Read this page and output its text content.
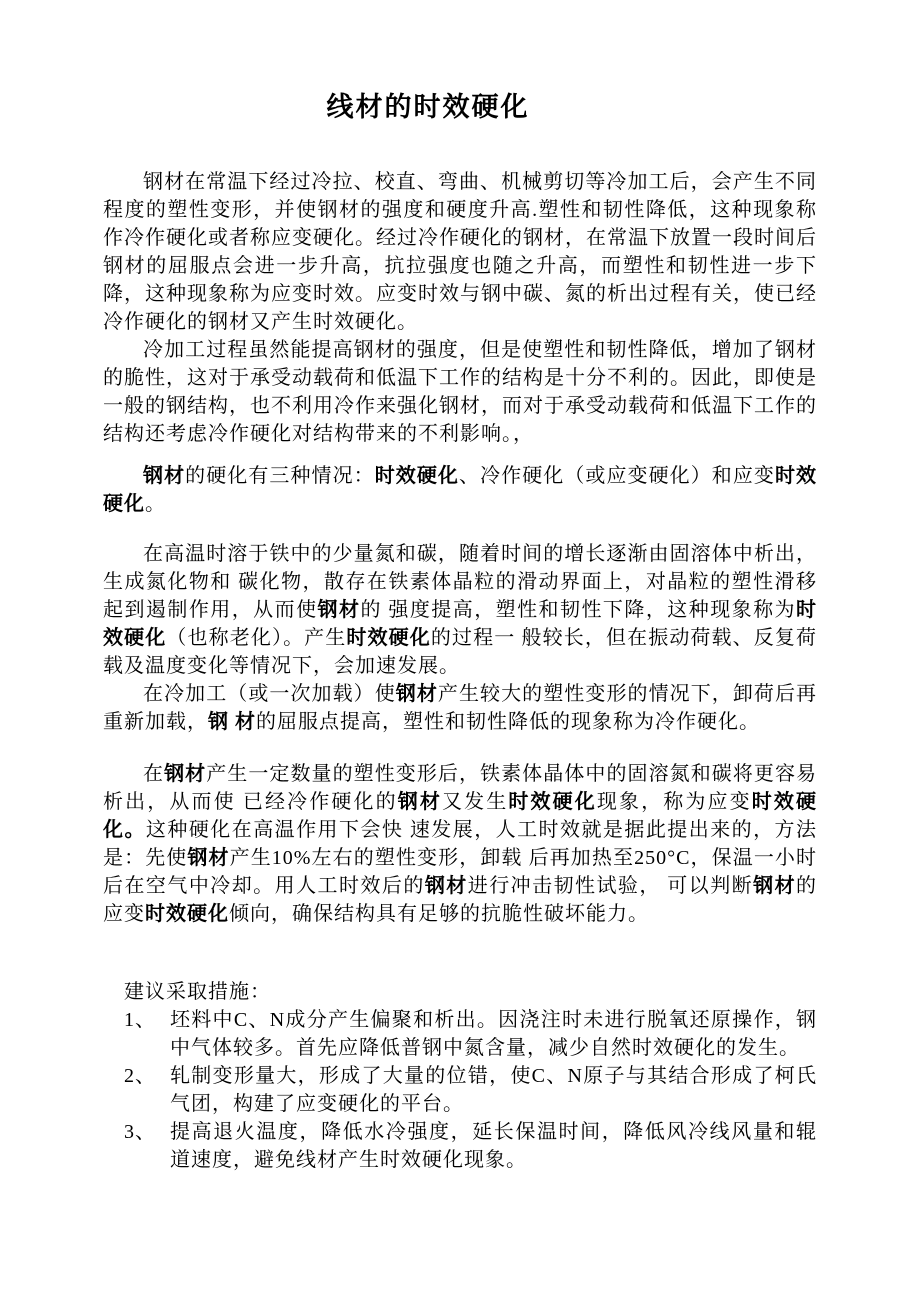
线材的时效硬化

钢材在常温下经过冷拉、校直、弯曲、机械剪切等冷加工后，会产生不同程度的塑性变形，并使钢材的强度和硬度升高.塑性和韧性降低，这种现象称作冷作硬化或者称应变硬化。经过冷作硬化的钢材，在常温下放置一段时间后钢材的屈服点会进一步升高，抗拉强度也随之升高，而塑性和韧性进一步下降，这种现象称为应变时效。应变时效与钢中碳、氮的析出过程有关，使已经冷作硬化的钢材又产生时效硬化。

冷加工过程虽然能提高钢材的强度，但是使塑性和韧性降低，增加了钢材的脆性，这对于承受动载荷和低温下工作的结构是十分不利的。因此，即使是一般的钢结构，也不利用冷作来强化钢材，而对于承受动载荷和低温下工作的结构还考虑冷作硬化对结构带来的不利影响。，

钢材的硬化有三种情况：时效硬化、冷作硬化（或应变硬化）和应变时效硬化。

在高温时溶于铁中的少量氮和碳，随着时间的增长逐渐由固溶体中析出，生成氮化物和 碳化物，散存在铁素体晶粒的滑动界面上，对晶粒的塑性滑移起到遏制作用，从而使钢材的 强度提高，塑性和韧性下降，这种现象称为时效硬化（也称老化）。产生时效硬化的过程一 般较长，但在振动荷载、反复荷载及温度变化等情况下，会加速发展。

在冷加工（或一次加载）使钢材产生较大的塑性变形的情况下，卸荷后再重新加载，钢 材的屈服点提高，塑性和韧性降低的现象称为冷作硬化。

在钢材产生一定数量的塑性变形后，铁素体晶体中的固溶氮和碳将更容易析出，从而使 已经冷作硬化的钢材又发生时效硬化现象，称为应变时效硬化。这种硬化在高温作用下会快 速发展，人工时效就是据此提出来的，方法是：先使钢材产生10%左右的塑性变形，卸载 后再加热至250°C，保温一小时后在空气中冷却。用人工时效后的钢材进行冲击韧性试验， 可以判断钢材的应变时效硬化倾向，确保结构具有足够的抗脆性破坏能力。

建议采取措施：

1、 坯料中C、N成分产生偏聚和析出。因浇注时未进行脱氧还原操作，钢中气体较多。首先应降低普钢中氮含量，减少自然时效硬化的发生。
2、 轧制变形量大，形成了大量的位错，使C、N原子与其结合形成了柯氏气团，构建了应变硬化的平台。
3、 提高退火温度，降低水冷强度，延长保温时间，降低风冷线风量和辊道速度，避免线材产生时效硬化现象。
